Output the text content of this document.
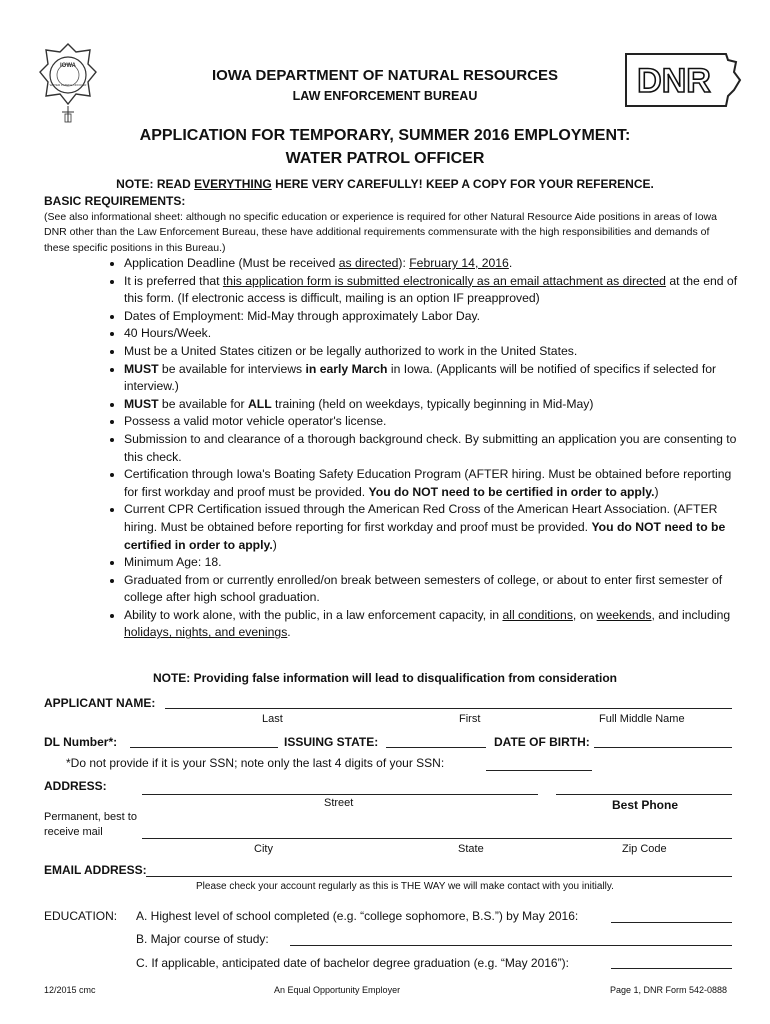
IOWA
WATER PATROL OFFICER	DNR
IOWA DEPARTMENT OF NATURAL RESOURCES
LAW ENFORCEMENT BUREAU
APPLICATION FOR TEMPORARY, SUMMER 2016 EMPLOYMENT:
WATER PATROL OFFICER
NOTE: READ EVERYTHING HERE VERY CAREFULLY! KEEP A COPY FOR YOUR REFERENCE.
BASIC REQUIREMENTS:
(See also informational sheet: although no specific education or experience is required for other Natural Resource Aide positions in areas of Iowa DNR other than the Law Enforcement Bureau, these have additional requirements commensurate with the high responsibilities and demands of these specific positions in this Bureau.)
• Application Deadline (Must be received as directed): February 14, 2016.
• It is preferred that this application form is submitted electronically as an email attachment as directed at the end of this form. (If electronic access is difficult, mailing is an option IF preapproved)
• Dates of Employment: Mid-May through approximately Labor Day.
• 40 Hours/Week.
• Must be a United States citizen or be legally authorized to work in the United States.
• MUST be available for interviews in early March in Iowa. (Applicants will be notified of specifics if selected for interview.)
• MUST be available for ALL training (held on weekdays, typically beginning in Mid-May)
• Possess a valid motor vehicle operator's license.
• Submission to and clearance of a thorough background check. By submitting an application you are consenting to this check.
• Certification through Iowa's Boating Safety Education Program (AFTER hiring. Must be obtained before reporting for first workday and proof must be provided. You do NOT need to be certified in order to apply.)
• Current CPR Certification issued through the American Red Cross of the American Heart Association. (AFTER hiring. Must be obtained before reporting for first workday and proof must be provided. You do NOT need to be certified in order to apply.)
• Minimum Age: 18.
• Graduated from or currently enrolled/on break between semesters of college, or about to enter first semester of college after high school graduation.
• Ability to work alone, with the public, in a law enforcement capacity, in all conditions, on weekends, and including holidays, nights, and evenings.
NOTE: Providing false information will lead to disqualification from consideration
APPLICANT NAME:
Last	First	Full Middle Name
DL Number*:	ISSUING STATE:	DATE OF BIRTH:
*Do not provide if it is your SSN; note only the last 4 digits of your SSN:
ADDRESS:
Street	Best Phone
Permanent, best to receive mail
City	State	Zip Code
EMAIL ADDRESS:
Please check your account regularly as this is THE WAY we will make contact with you initially.
EDUCATION: A. Highest level of school completed (e.g. “college sophomore, B.S.”) by May 2016:
B. Major course of study:
C. If applicable, anticipated date of bachelor degree graduation (e.g. “May 2016”):
12/2015 cmc	An Equal Opportunity Employer	Page 1, DNR Form 542-0888
